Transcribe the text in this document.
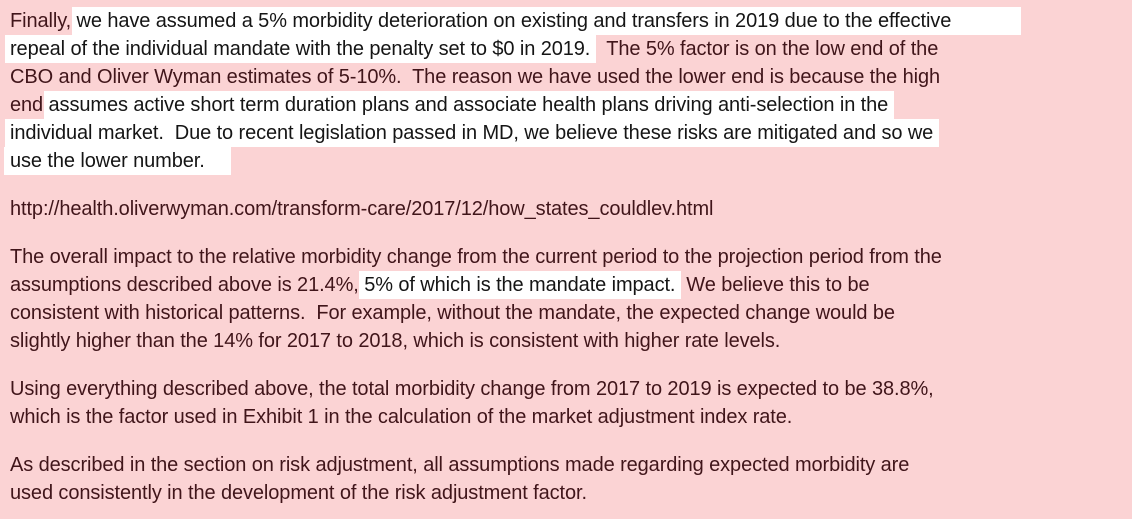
Finally, we have assumed a 5% morbidity deterioration on existing and transfers in 2019 due to the effective
repeal of the individual mandate with the penalty set to $0 in 2019.   The 5% factor is on the low end of the
CBO and Oliver Wyman estimates of 5-10%.  The reason we have used the lower end is because the high
end assumes active short term duration plans and associate health plans driving anti-selection in the
individual market.  Due to recent legislation passed in MD, we believe these risks are mitigated and so we
use the lower number.
http://health.oliverwyman.com/transform-care/2017/12/how_states_couldlev.html
The overall impact to the relative morbidity change from the current period to the projection period from the
assumptions described above is 21.4%, 5% of which is the mandate impact.  We believe this to be
consistent with historical patterns.  For example, without the mandate, the expected change would be
slightly higher than the 14% for 2017 to 2018, which is consistent with higher rate levels.
Using everything described above, the total morbidity change from 2017 to 2019 is expected to be 38.8%,
which is the factor used in Exhibit 1 in the calculation of the market adjustment index rate.
As described in the section on risk adjustment, all assumptions made regarding expected morbidity are
used consistently in the development of the risk adjustment factor.
